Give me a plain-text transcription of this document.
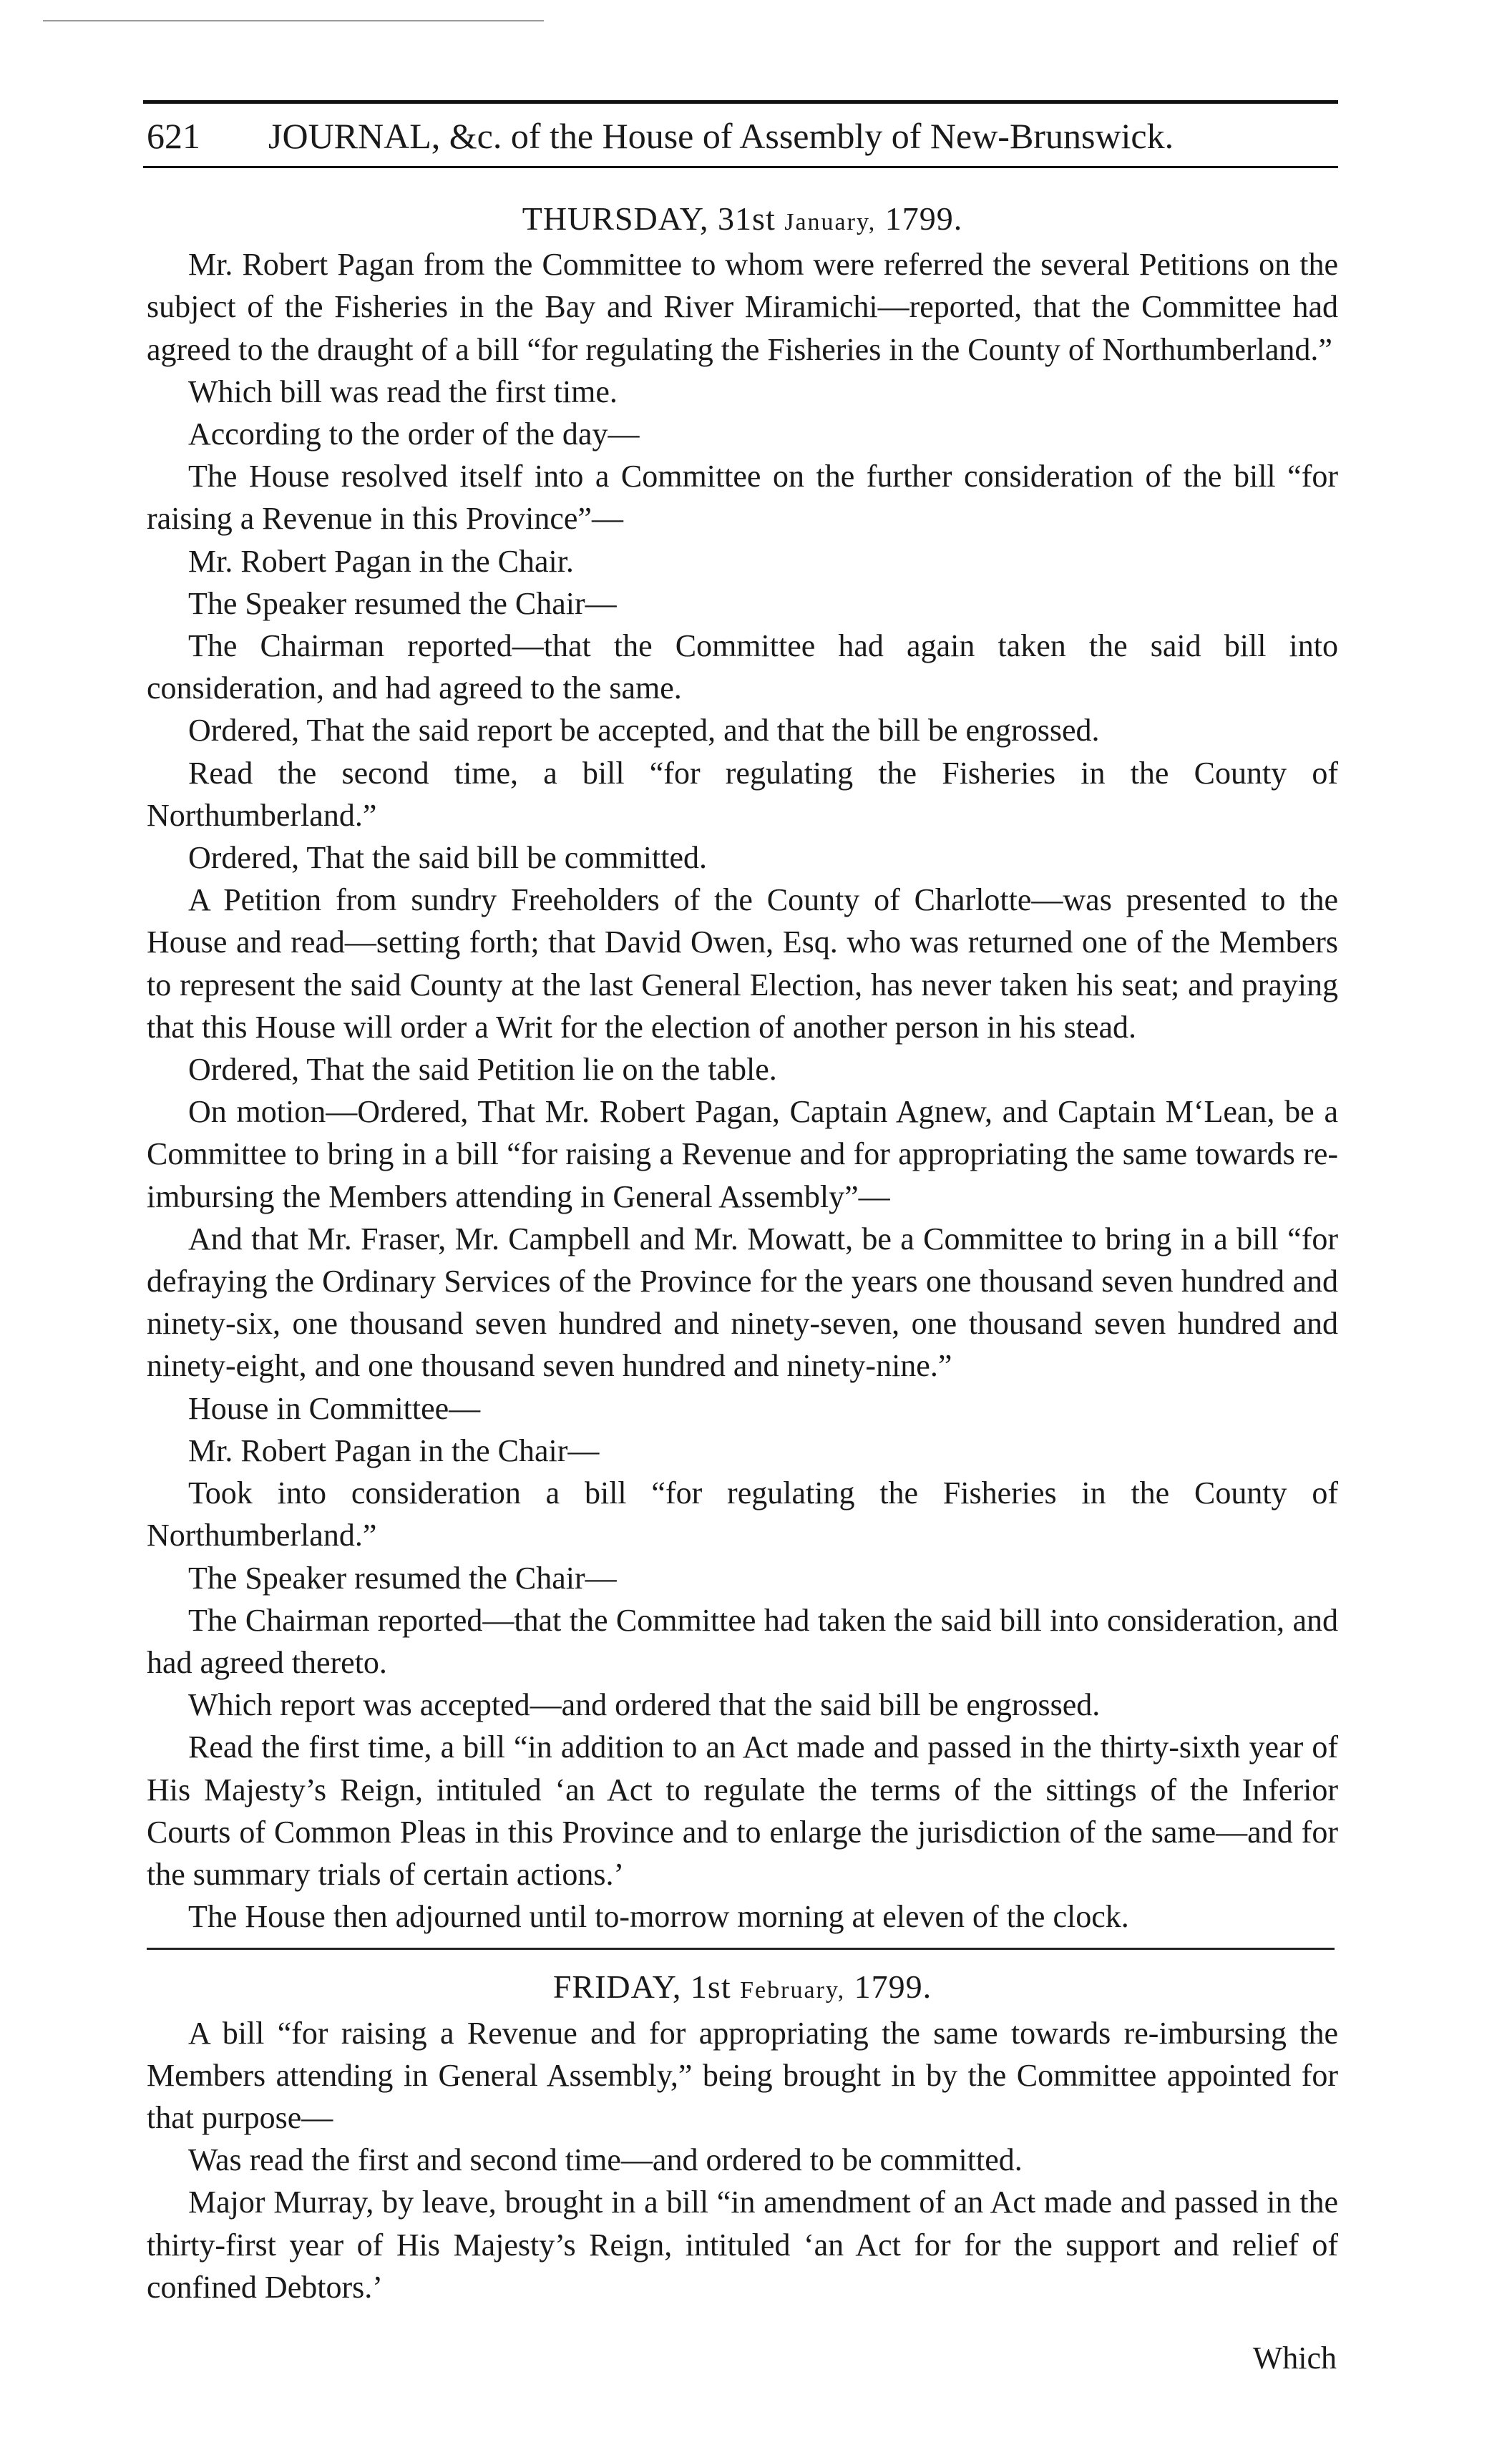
621 JOURNAL, &c. of the House of Assembly of New-Brunswick.
THURSDAY, 31st January, 1799.

Mr. Robert Pagan from the Committee to whom were referred the several Petitions on the subject of the Fisheries in the Bay and River Miramichi—reported, that the Committee had agreed to the draught of a bill “for regulating the Fisheries in the County of Northumberland.”

Which bill was read the first time.

According to the order of the day—

The House resolved itself into a Committee on the further consideration of the bill “for raising a Revenue in this Province”—

Mr. Robert Pagan in the Chair.

The Speaker resumed the Chair—

The Chairman reported—that the Committee had again taken the said bill into consideration, and had agreed to the same.

Ordered, That the said report be accepted, and that the bill be engrossed.

Read the second time, a bill “for regulating the Fisheries in the County of Northumberland.”

Ordered, That the said bill be committed.

A Petition from sundry Freeholders of the County of Charlotte—was presented to the House and read—setting forth; that David Owen, Esq. who was returned one of the Members to represent the said County at the last General Election, has never taken his seat; and praying that this House will order a Writ for the election of another person in his stead.

Ordered, That the said Petition lie on the table.

On motion—Ordered, That Mr. Robert Pagan, Captain Agnew, and Captain M‘Lean, be a Committee to bring in a bill “for raising a Revenue and for appropriating the same towards re-imbursing the Members attending in General Assembly”—

And that Mr. Fraser, Mr. Campbell and Mr. Mowatt, be a Committee to bring in a bill “for defraying the Ordinary Services of the Province for the years one thousand seven hundred and ninety-six, one thousand seven hundred and ninety-seven, one thousand seven hundred and ninety-eight, and one thousand seven hundred and ninety-nine.”

House in Committee—

Mr. Robert Pagan in the Chair—

Took into consideration a bill “for regulating the Fisheries in the County of Northumberland.”

The Speaker resumed the Chair—

The Chairman reported—that the Committee had taken the said bill into consideration, and had agreed thereto.

Which report was accepted—and ordered that the said bill be engrossed.

Read the first time, a bill “in addition to an Act made and passed in the thirty-sixth year of His Majesty’s Reign, intituled ‘an Act to regulate the terms of the sittings of the Inferior Courts of Common Pleas in this Province and to enlarge the jurisdiction of the same—and for the summary trials of certain actions.’

The House then adjourned until to-morrow morning at eleven of the clock.

FRIDAY, 1st February, 1799.

A bill “for raising a Revenue and for appropriating the same towards re-imbursing the Members attending in General Assembly,” being brought in by the Committee appointed for that purpose—

Was read the first and second time—and ordered to be committed.

Major Murray, by leave, brought in a bill “in amendment of an Act made and passed in the thirty-first year of His Majesty’s Reign, intituled ‘an Act for for the support and relief of confined Debtors.’

Which
